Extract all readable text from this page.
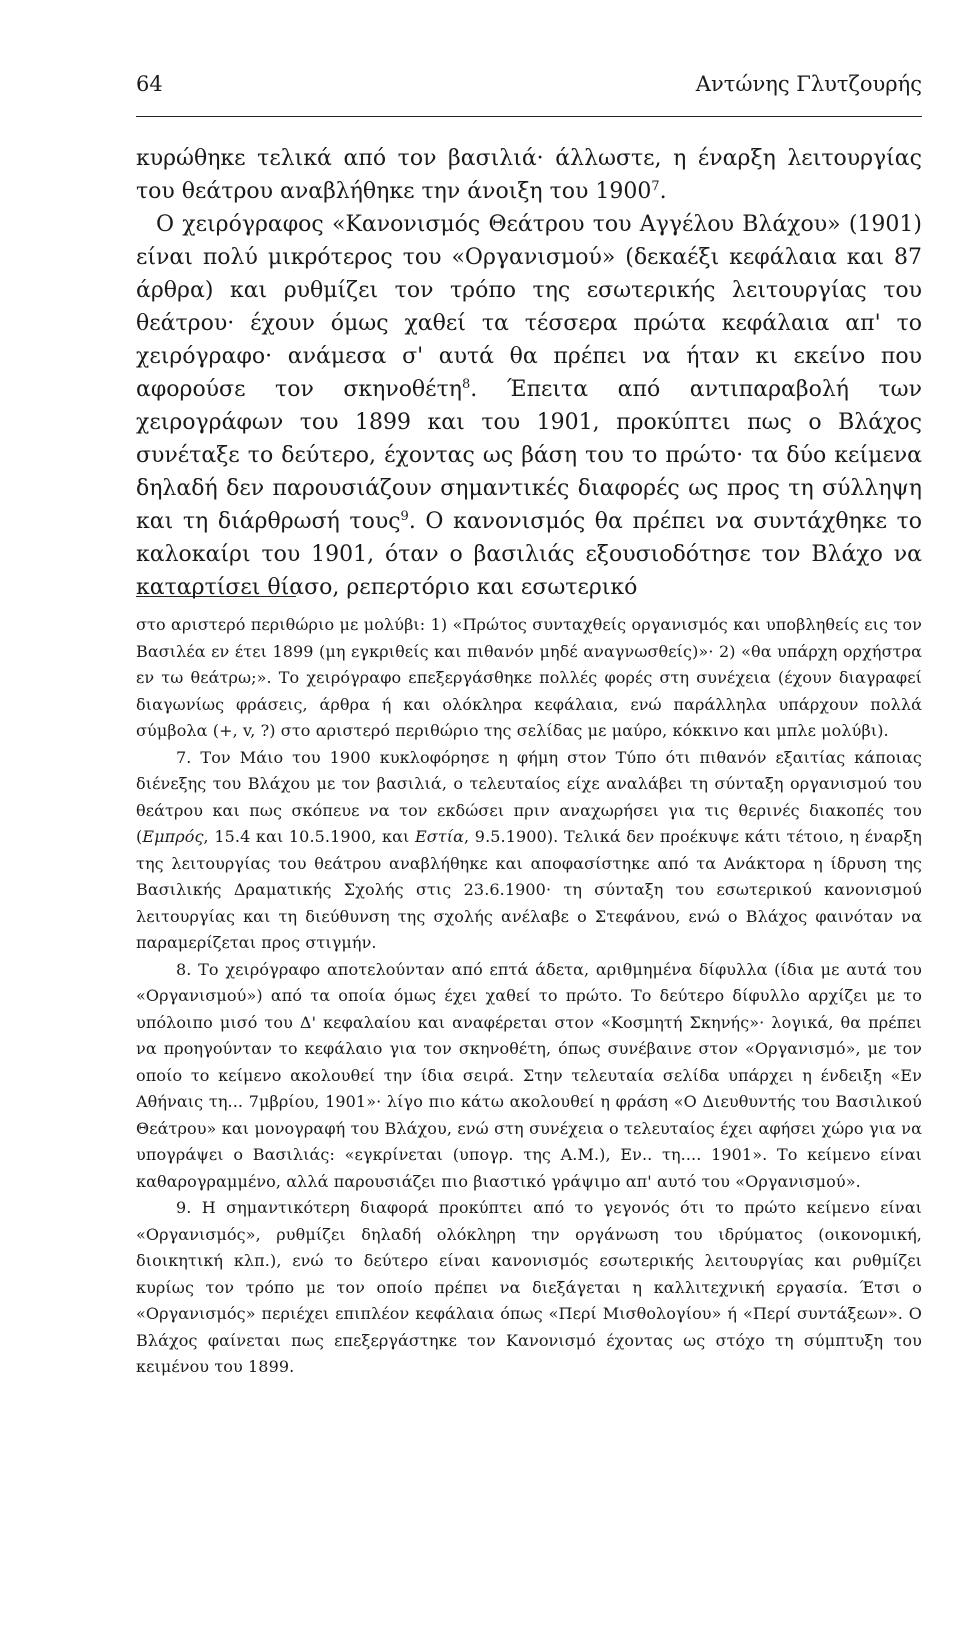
64	Αντώνης Γλυτζουρής

κυρώθηκε τελικά από τον βασιλιά· άλλωστε, η έναρξη λειτουργίας του θεάτρου αναβλήθηκε την άνοιξη του 1900$^7$.

Ο χειρόγραφος «Κανονισμός Θεάτρου του Αγγέλου Βλάχου» (1901) είναι πολύ μικρότερος του «Οργανισμού» (δεκαέξι κεφάλαια και 87 άρθρα) και ρυθμίζει τον τρόπο της εσωτερικής λειτουργίας του θεάτρου· έχουν όμως χαθεί τα τέσσερα πρώτα κεφάλαια απ' το χειρόγραφο· ανάμεσα σ' αυτά θα πρέπει να ήταν κι εκείνο που αφορούσε τον σκηνοθέτη$^8$. Έπειτα από αντιπαραβολή των χειρογράφων του 1899 και του 1901, προκύπτει πως ο Βλάχος συνέταξε το δεύτερο, έχοντας ως βάση του το πρώτο· τα δύο κείμενα δηλαδή δεν παρουσιάζουν σημαντικές διαφορές ως προς τη σύλληψη και τη διάρθρωσή τους$^9$. Ο κανονισμός θα πρέπει να συντάχθηκε το καλοκαίρι του 1901, όταν ο βασιλιάς εξουσιοδότησε τον Βλάχο να καταρτίσει θίασο, ρεπερτόριο και εσωτερικό

στο αριστερό περιθώριο με μολύβι: 1) «Πρώτος συνταχθείς οργανισμός και υποβληθείς εις τον Βασιλέα εν έτει 1899 (μη εγκριθείς και πιθανόν μηδέ αναγνωσθείς)»· 2) «θα υπάρχη ορχήστρα εν τω θεάτρω;». Το χειρόγραφο επεξεργάσθηκε πολλές φορές στη συνέχεια (έχουν διαγραφεί διαγωνίως φράσεις, άρθρα ή και ολόκληρα κεφάλαια, ενώ παράλληλα υπάρχουν πολλά σύμβολα (+, v, ?) στο αριστερό περιθώριο της σελίδας με μαύρο, κόκκινο και μπλε μολύβι).

7. Τον Μάιο του 1900 κυκλοφόρησε η φήμη στον Τύπο ότι πιθανόν εξαιτίας κάποιας διένεξης του Βλάχου με τον βασιλιά, ο τελευταίος είχε αναλάβει τη σύνταξη οργανισμού του θεάτρου και πως σκόπευε να τον εκδώσει πριν αναχωρήσει για τις θερινές διακοπές του (Εμπρός, 15.4 και 10.5.1900, και Εστία, 9.5.1900). Τελικά δεν προέκυψε κάτι τέτοιο, η έναρξη της λειτουργίας του θεάτρου αναβλήθηκε και αποφασίστηκε από τα Ανάκτορα η ίδρυση της Βασιλικής Δραματικής Σχολής στις 23.6.1900· τη σύνταξη του εσωτερικού κανονισμού λειτουργίας και τη διεύθυνση της σχολής ανέλαβε ο Στεφάνου, ενώ ο Βλάχος φαινόταν να παραμερίζεται προς στιγμήν.

8. Το χειρόγραφο αποτελούνταν από επτά άδετα, αριθμημένα δίφυλλα (ίδια με αυτά του «Οργανισμού») από τα οποία όμως έχει χαθεί το πρώτο. Το δεύτερο δίφυλλο αρχίζει με το υπόλοιπο μισό του Δ' κεφαλαίου και αναφέρεται στον «Κοσμητή Σκηνής»· λογικά, θα πρέπει να προηγούνταν το κεφάλαιο για τον σκηνοθέτη, όπως συνέβαινε στον «Οργανισμό», με τον οποίο το κείμενο ακολουθεί την ίδια σειρά. Στην τελευταία σελίδα υπάρχει η ένδειξη «Εν Αθήναις τη... 7μβρίου, 1901»· λίγο πιο κάτω ακολουθεί η φράση «Ο Διευθυντής του Βασιλικού Θεάτρου» και μονογραφή του Βλάχου, ενώ στη συνέχεια ο τελευταίος έχει αφήσει χώρο για να υπογράψει ο Βασιλιάς: «εγκρίνεται (υπογρ. της Α.Μ.), Εν.. τη.... 1901». Το κείμενο είναι καθαρογραμμένο, αλλά παρουσιάζει πιο βιαστικό γράψιμο απ' αυτό του «Οργανισμού».

9. Η σημαντικότερη διαφορά προκύπτει από το γεγονός ότι το πρώτο κείμενο είναι «Οργανισμός», ρυθμίζει δηλαδή ολόκληρη την οργάνωση του ιδρύματος (οικονομική, διοικητική κλπ.), ενώ το δεύτερο είναι κανονισμός εσωτερικής λειτουργίας και ρυθμίζει κυρίως τον τρόπο με τον οποίο πρέπει να διεξάγεται η καλλιτεχνική εργασία. Έτσι ο «Οργανισμός» περιέχει επιπλέον κεφάλαια όπως «Περί Μισθολογίου» ή «Περί συντάξεων». Ο Βλάχος φαίνεται πως επεξεργάστηκε τον Κανονισμό έχοντας ως στόχο τη σύμπτυξη του κειμένου του 1899.
